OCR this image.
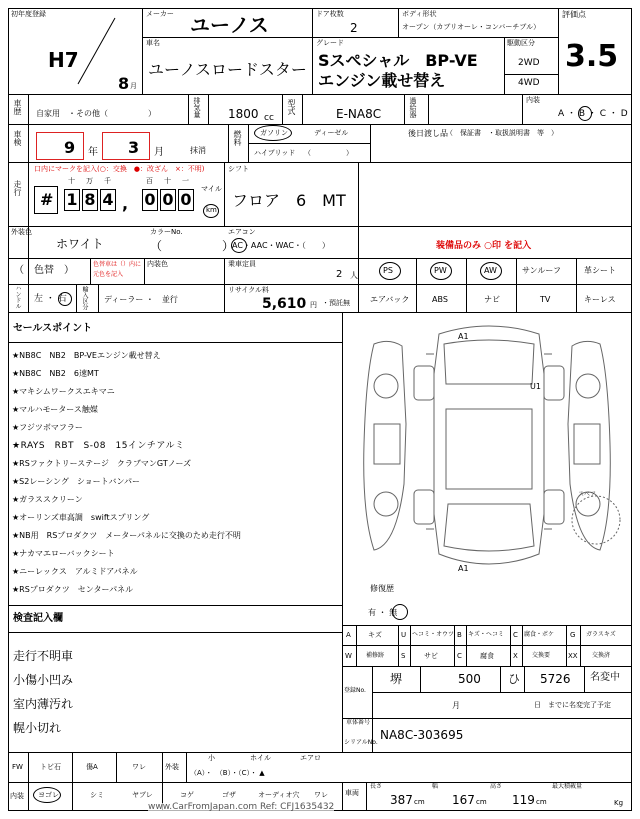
初年度登録
H7
8 月
メーカー ユーノス	ドア枚数
2
ボディ形状
オープン（カブリオーレ・コンバーチブル）
評価点
3.5
車名
ユーノスロードスター
グレード
Sスペシャル　BP-VE
エンジン載せ替え
駆動区分
2WD
4WD
車歴 自家用　・その他（　　　　　）	排気量 1800 cc
型式	E-NA8C	過給器	内装
A ・ B ・ C ・ D
車検	9 年 3 月	抹消
燃料	ガソリン	ディーゼル
ハイブリッド （　　　　　）
後日渡し品
（　保証書　・取扱説明書　等　）
走行
口内にマークを記入(○：交換　●：改ざん　×：不明)
#
十 万 千	百 十 一
1 8 4 , 0 0 0
マイル
km
シフト
フロア　6　MT
外装色
ホワイト
カラーNo.
（　　　　　）
エアコン
AC・AAC・WAC・（　　）	装備品のみ ○印 を記入
（　色替　）
色替車は（）内に
元色を記入
内装色	乗車定員
2 人
ハンドル 左 ・ 右 輸入区分 ディーラー ・　並行
リサイクル料
5,610 円 ・預託無
PS	PW	AW	サンルーフ	革シート
エアバック	ABS	ナビ	TV	キーレス
セールスポイント
★NB8C　NB2　BP-VEエンジン載せ替え
★NB8C　NB2　6速MT
★マキシムワークスエキマニ
★マルハモータース触媒
★フジツボマフラー
★RAYS　RBT　S-08　15インチアルミ
★RSファクトリーステージ　クラブマンGTノーズ
★S2レーシング　ショートバンパー
★ガラススクリーン
★オーリンズ車高調　swiftスプリング
★NB用　RSプロダクツ　メーターパネルに交換のため走行不明
★ナカマエローバックシート
★ニーレックス　アルミドアパネル
★RSプロダクツ　センターパネル
検査記入欄
走行不明車
小傷小凹み
室内薄汚れ
幌小切れ
A1
U1
A1
スペア
修復歴
有 ・ 無
A キズ	U ヘコミ・オウツ B キズ・ヘコミ C 腐食・ボケ G ガラスキズ
W 補修跡 S	サビ	C	腐食	X 交換要	XX 交換済
登録No.
堺	500 ひ 5726 名変中
月	日　までに名変完了予定
車体番号
NA8C-303695
シリアルNo.
FW トビ石	傷A	ワレ	外装
小	ホイル	エアロ
（A）・　（B）・（C）・ ▲
内装 ヨゴレ	シミ	ヤブレ	コゲ	ゴザ	オーディオ穴 ワレ 車両
長さ
387 cm
幅
167 cm
高さ
119 cm
最大積載量
Kg
www.CarFromJapan.com Ref: CFJ1635432
